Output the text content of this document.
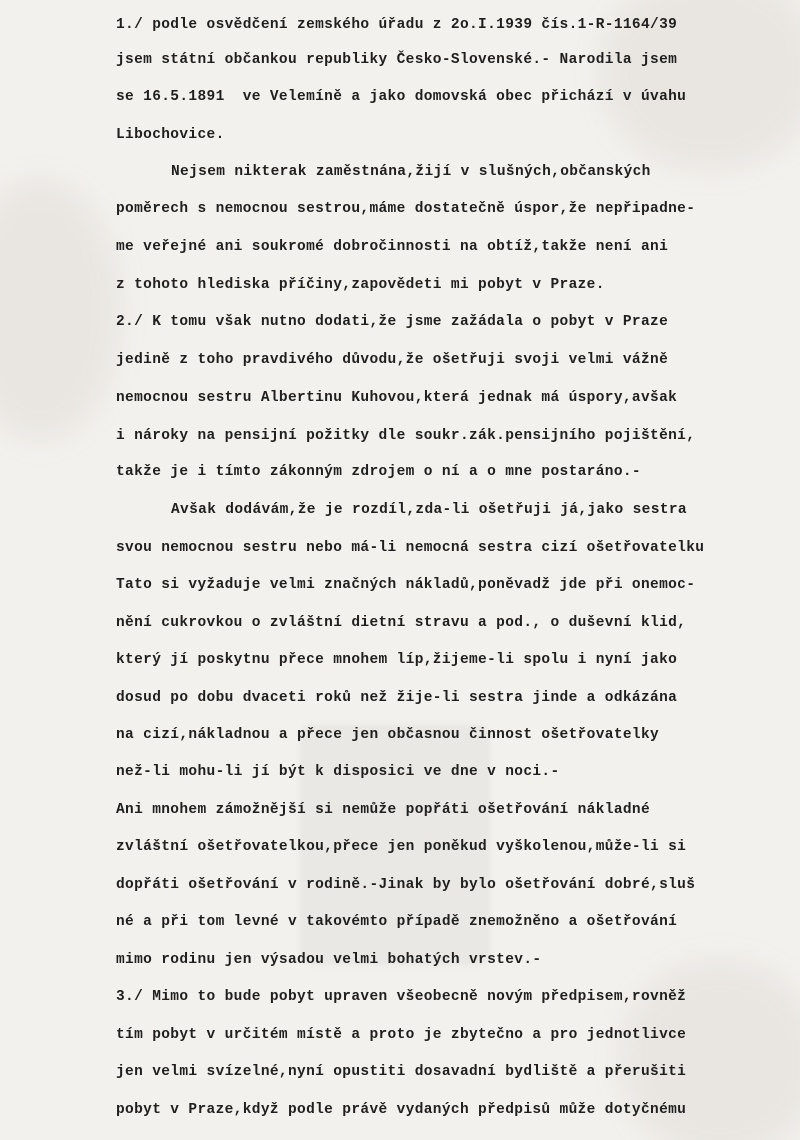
1./ podle osvědčení zemského úřadu z 2o.I.1939 čís.1-R-1164/39
jsem státní občankou republiky Česko-Slovenské.- Narodila jsem
se 16.5.1891  ve Velemíně a jako domovská obec přichází v úvahu
Libochovice.
Nejsem nikterak zaměstnána,žijí v slušných,občanských
poměrech s nemocnou sestrou,máme dostatečně úspor,že nepřipadne-
me veřejné ani soukromé dobročinnosti na obtíž,takže není ani
z tohoto hlediska příčiny,zapovědeti mi pobyt v Praze.
2./ K tomu však nutno dodati,že jsme zažádala o pobyt v Praze
jedině z toho pravdivého důvodu,že ošetřuji svoji velmi vážně
nemocnou sestru Albertinu Kuhovou,která jednak má úspory,avšak
i nároky na pensijní požitky dle soukr.zák.pensijního pojištění,
takže je i tímto zákonným zdrojem o ní a o mne postaráno.-
Avšak dodávám,že je rozdíl,zda-li ošetřuji já,jako sestra
svou nemocnou sestru nebo má-li nemocná sestra cizí ošetřovatelku
Tato si vyžaduje velmi značných nákladů,poněvadž jde při onemoc-
nění cukrovkou o zvláštní dietní stravu a pod., o duševní klid,
který jí poskytnu přece mnohem líp,žijeme-li spolu i nyní jako
dosud po dobu dvaceti roků než žije-li sestra jinde a odkázána
na cizí,nákladnou a přece jen občasnou činnost ošetřovatelky
než-li mohu-li jí být k disposici ve dne v noci.-
Ani mnohem zámožnější si nemůže popřáti ošetřování nákladné
zvláštní ošetřovatelkou,přece jen poněkud vyškolenou,může-li si
dopřáti ošetřování v rodině.-Jinak by bylo ošetřování dobré,sluš
né a při tom levné v takovémto případě znemožněno a ošetřování
mimo rodinu jen výsadou velmi bohatých vrstev.-
3./ Mimo to bude pobyt upraven všeobecně novým předpisem,rovněž
tím pobyt v určitém místě a proto je zbytečno a pro jednotlivce
jen velmi svízelné,nyní opustiti dosavadní bydliště a přerušiti
pobyt v Praze,když podle právě vydaných předpisů může dotyčnému
